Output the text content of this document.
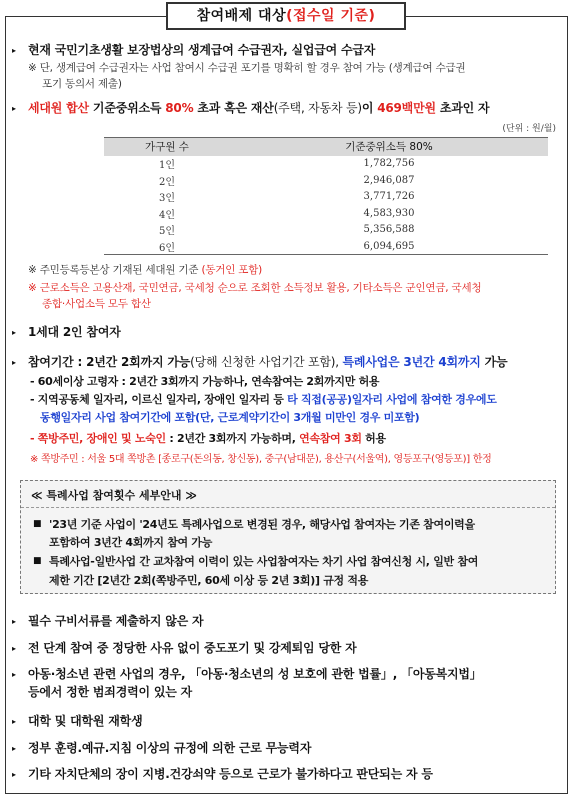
참여배제 대상(접수일 기준)
▸ 현재 국민기초생활 보장법상의 생계급여 수급권자, 실업급여 수급자
※ 단, 생계급여 수급권자는 사업 참여시 수급권 포기를 명확히 할 경우 참여 가능 (생계급여 수급권
포기 동의서 제출)
▸ 세대원 합산 기준중위소득 80% 초과 혹은 재산(주택, 자동차 등)이 469백만원 초과인 자
(단위 : 원/월)
가구원 수	기준중위소득 80%
1인	1,782,756
2인	2,946,087
3인	3,771,726
4인	4,583,930
5인	5,356,588
6인	6,094,695
※ 주민등록등본상 기재된 세대원 기준 (동거인 포함)
※ 근로소득은 고용산재, 국민연금, 국세청 순으로 조회한 소득정보 활용, 기타소득은 군인연금, 국세청
종합·사업소득 모두 합산
▸ 1세대 2인 참여자
▸ 참여기간 : 2년간 2회까지 가능(당해 신청한 사업기간 포함), 특례사업은 3년간 4회까지 가능
- 60세이상 고령자 : 2년간 3회까지 가능하나, 연속참여는 2회까지만 허용
- 지역공동체 일자리, 이르신 일자리, 장애인 일자리 등 타 직접(공공)일자리 사업에 참여한 경우에도
동행일자리 사업 참여기간에 포함(단, 근로계약기간이 3개월 미만인 경우 미포함)
- 쪽방주민, 장애인 및 노숙인 : 2년간 3회까지 가능하며, 연속참여 3회 허용
※ 쪽방주민 : 서울 5대 쪽방촌 [종로구(돈의동, 창신동), 중구(남대문), 용산구(서울역), 영등포구(영등포)] 한정
≪ 특례사업 참여횟수 세부안내 ≫
■ '23년 기준 사업이 '24년도 특례사업으로 변경된 경우, 해당사업 참여자는 기존 참여이력을
포함하여 3년간 4회까지 참여 가능
■ 특례사업-일반사업 간 교차참여 이력이 있는 사업참여자는 차기 사업 참여신청 시, 일반 참여
제한 기간 [2년간 2회(쪽방주민, 60세 이상 등 2년 3회)] 규정 적용
▸ 필수 구비서류를 제출하지 않은 자
▸ 전 단계 참여 중 정당한 사유 없이 중도포기 및 강제퇴임 당한 자
▸ 아동·청소년 관련 사업의 경우, 「아동·청소년의 성 보호에 관한 법률」, 「아동복지법」
등에서 정한 범죄경력이 있는 자
▸ 대학 및 대학원 재학생
▸ 정부 훈령.예규.지침 이상의 규정에 의한 근로 무능력자
▸ 기타 자치단체의 장이 지병.건강쇠약 등으로 근로가 불가하다고 판단되는 자 등
